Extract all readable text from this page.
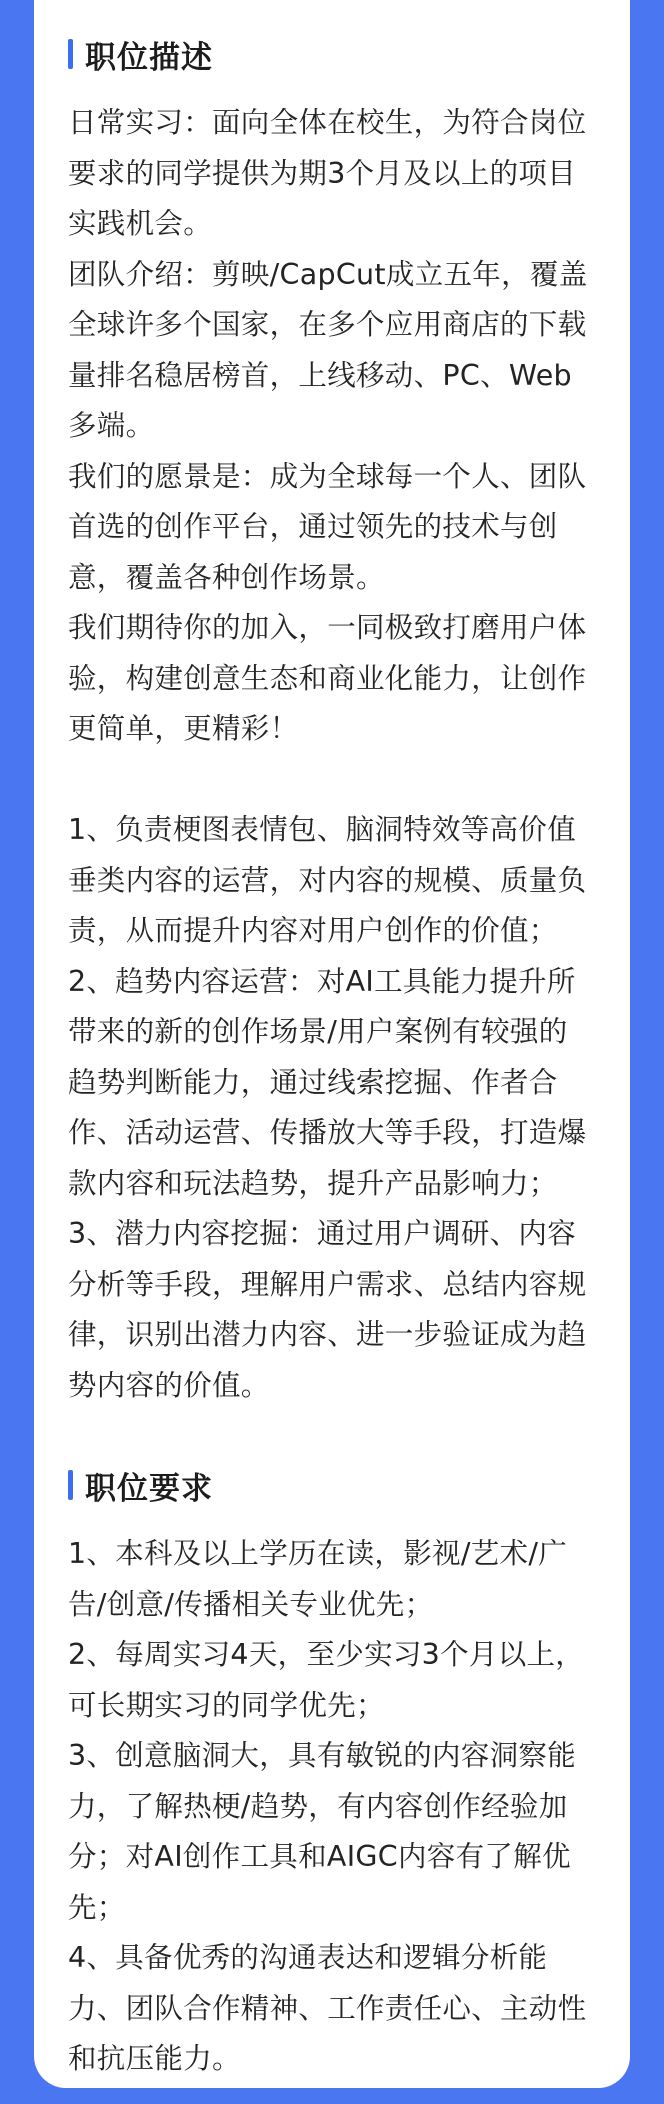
职位描述

日常实习：面向全体在校生，为符合岗位要求的同学提供为期3个月及以上的项目实践机会。

团队介绍：剪映/CapCut成立五年，覆盖全球许多个国家，在多个应用商店的下载量排名稳居榜首，上线移动、PC、Web多端。

我们的愿景是：成为全球每一个人、团队首选的创作平台，通过领先的技术与创意，覆盖各种创作场景。

我们期待你的加入，一同极致打磨用户体验，构建创意生态和商业化能力，让创作更简单，更精彩！

1、负责梗图表情包、脑洞特效等高价值垂类内容的运营，对内容的规模、质量负责，从而提升内容对用户创作的价值；

2、趋势内容运营：对AI工具能力提升所带来的新的创作场景/用户案例有较强的趋势判断能力，通过线索挖掘、作者合作、活动运营、传播放大等手段，打造爆款内容和玩法趋势，提升产品影响力；

3、潜力内容挖掘：通过用户调研、内容分析等手段，理解用户需求、总结内容规律，识别出潜力内容、进一步验证成为趋势内容的价值。

职位要求

1、本科及以上学历在读，影视/艺术/广告/创意/传播相关专业优先；

2、每周实习4天，至少实习3个月以上，可长期实习的同学优先；

3、创意脑洞大，具有敏锐的内容洞察能力，了解热梗/趋势，有内容创作经验加分；对AI创作工具和AIGC内容有了解优先；

4、具备优秀的沟通表达和逻辑分析能力、团队合作精神、工作责任心、主动性和抗压能力。
